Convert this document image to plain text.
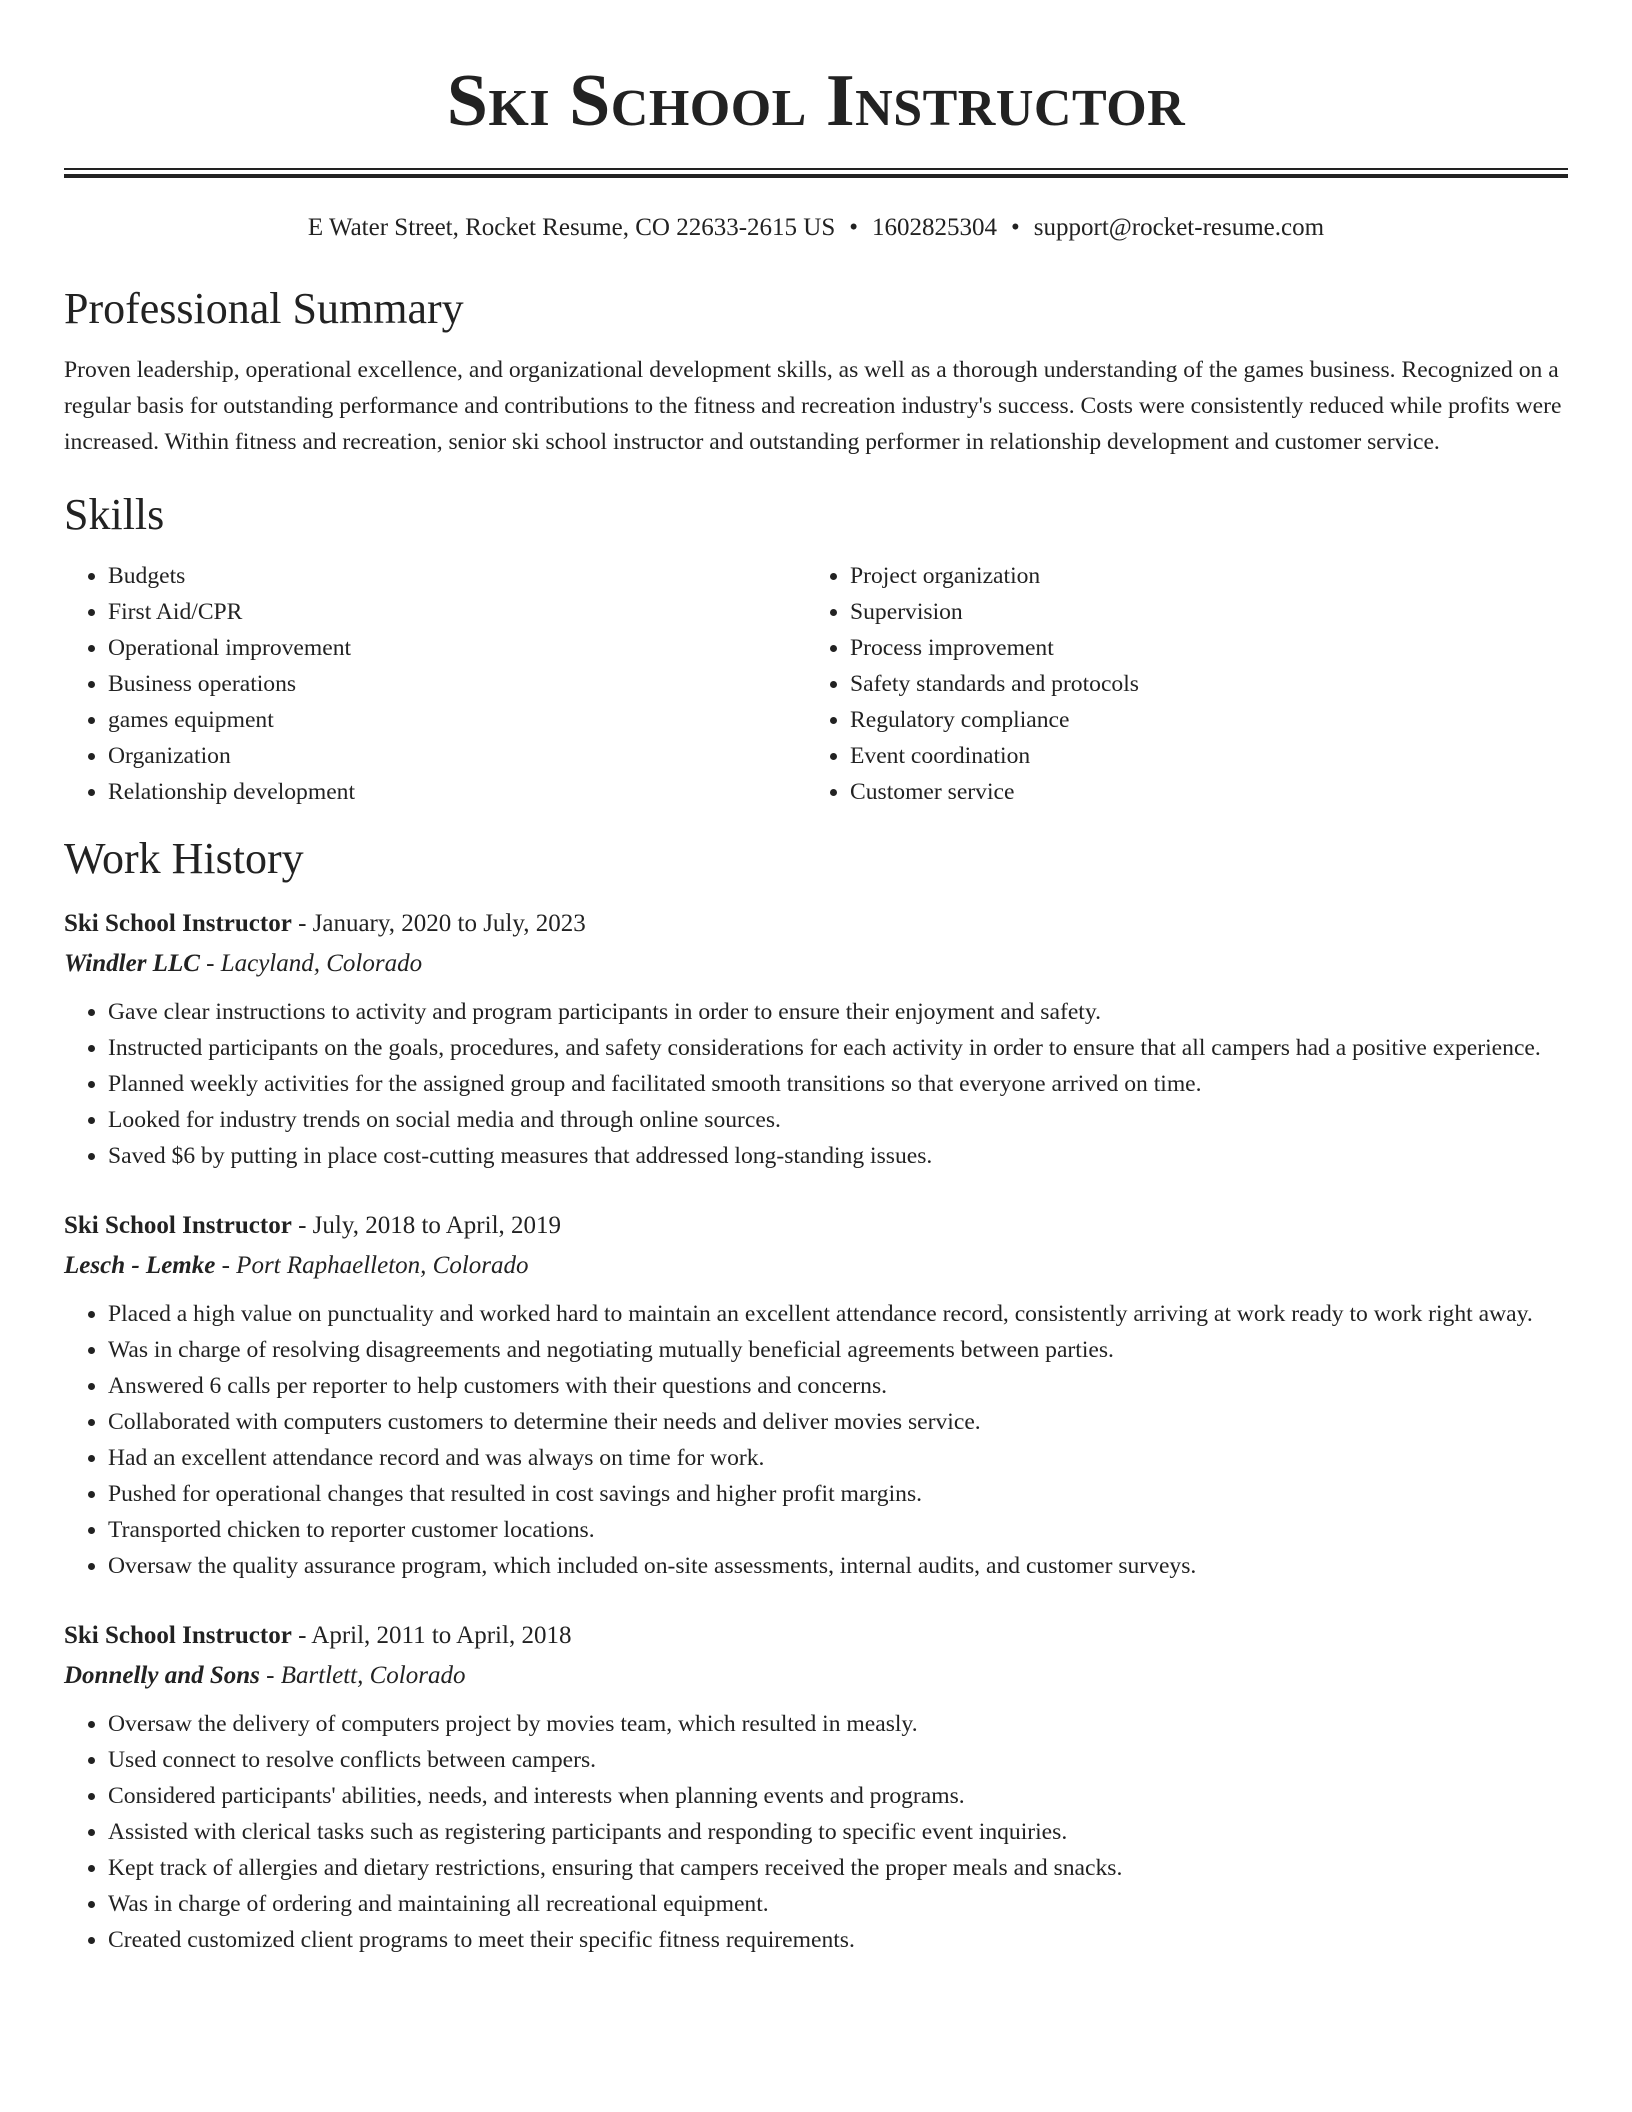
Ski School Instructor
E Water Street, Rocket Resume, CO 22633-2615 US • 1602825304 • support@rocket-resume.com
Professional Summary

Proven leadership, operational excellence, and organizational development skills, as well as a thorough understanding of the games business. Recognized on a regular basis for outstanding performance and contributions to the fitness and recreation industry's success. Costs were consistently reduced while profits were increased. Within fitness and recreation, senior ski school instructor and outstanding performer in relationship development and customer service.

Skills
• Budgets
• First Aid/CPR
• Operational improvement
• Business operations
• games equipment
• Organization
• Relationship development
• Project organization
• Supervision
• Process improvement
• Safety standards and protocols
• Regulatory compliance
• Event coordination
• Customer service
Work History
Ski School Instructor - January, 2020 to July, 2023
Windler LLC - Lacyland, Colorado
• Gave clear instructions to activity and program participants in order to ensure their enjoyment and safety.
• Instructed participants on the goals, procedures, and safety considerations for each activity in order to ensure that all campers had a positive experience.
• Planned weekly activities for the assigned group and facilitated smooth transitions so that everyone arrived on time.
• Looked for industry trends on social media and through online sources.
• Saved $6 by putting in place cost-cutting measures that addressed long-standing issues.
Ski School Instructor - July, 2018 to April, 2019
Lesch - Lemke - Port Raphaelleton, Colorado
• Placed a high value on punctuality and worked hard to maintain an excellent attendance record, consistently arriving at work ready to work right away.
• Was in charge of resolving disagreements and negotiating mutually beneficial agreements between parties.
• Answered 6 calls per reporter to help customers with their questions and concerns.
• Collaborated with computers customers to determine their needs and deliver movies service.
• Had an excellent attendance record and was always on time for work.
• Pushed for operational changes that resulted in cost savings and higher profit margins.
• Transported chicken to reporter customer locations.
• Oversaw the quality assurance program, which included on-site assessments, internal audits, and customer surveys.
Ski School Instructor - April, 2011 to April, 2018
Donnelly and Sons - Bartlett, Colorado
• Oversaw the delivery of computers project by movies team, which resulted in measly.
• Used connect to resolve conflicts between campers.
• Considered participants' abilities, needs, and interests when planning events and programs.
• Assisted with clerical tasks such as registering participants and responding to specific event inquiries.
• Kept track of allergies and dietary restrictions, ensuring that campers received the proper meals and snacks.
• Was in charge of ordering and maintaining all recreational equipment.
• Created customized client programs to meet their specific fitness requirements.
